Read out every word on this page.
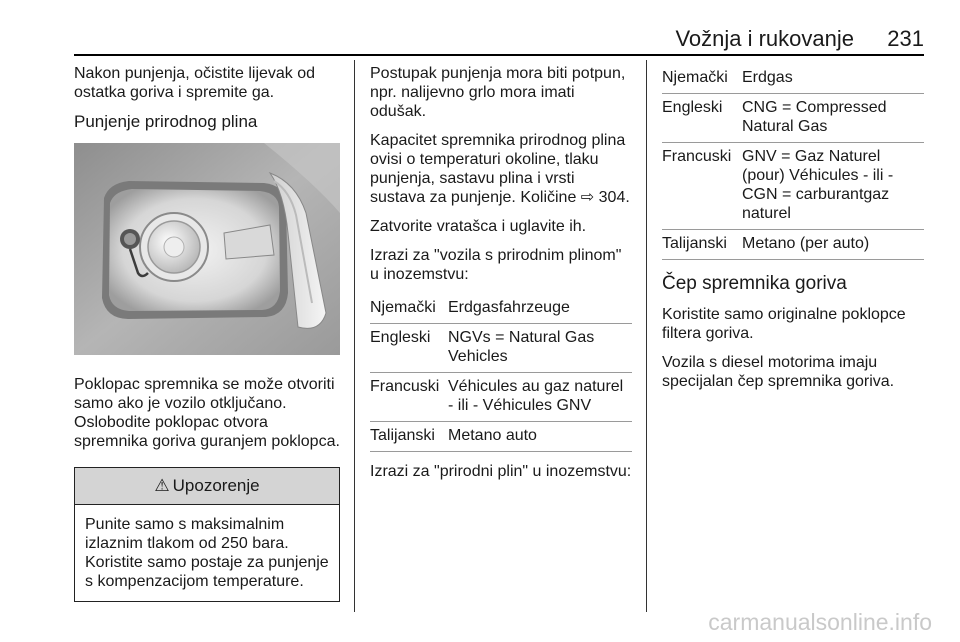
Vožnja i rukovanje 231

Nakon punjenja, očistite lijevak od ostatka goriva i spremite ga.

Punjenje prirodnog plina

Poklopac spremnika se može otvoriti samo ako je vozilo otključano. Oslobodite poklopac otvora spremnika goriva guranjem poklopca.

⚠ Upozorenje
Punite samo s maksimalnim izlaznim tlakom od 250 bara. Koristite samo postaje za punjenje s kompenzacijom temperature.

Postupak punjenja mora biti potpun, npr. nalijevno grlo mora imati odušak.

Kapacitet spremnika prirodnog plina ovisi o temperaturi okoline, tlaku punjenja, sastavu plina i vrsti sustava za punjenje. Količine ⇨ 304.

Zatvorite vratašca i uglavite ih.

Izrazi za "vozila s prirodnim plinom" u inozemstvu:

Njemački	Erdgasfahrzeuge
Engleski	NGVs = Natural Gas Vehicles
Francuski	Véhicules au gaz naturel - ili - Véhicules GNV
Talijanski	Metano auto

Izrazi za "prirodni plin" u inozemstvu:

Njemački	Erdgas
Engleski	CNG = Compressed Natural Gas
Francuski	GNV = Gaz Naturel (pour) Véhicules - ili - CGN = carburantgaz naturel
Talijanski	Metano (per auto)
Čep spremnika goriva

Koristite samo originalne poklopce filtera goriva.

Vozila s diesel motorima imaju specijalan čep spremnika goriva.

carmanualsonline.info
